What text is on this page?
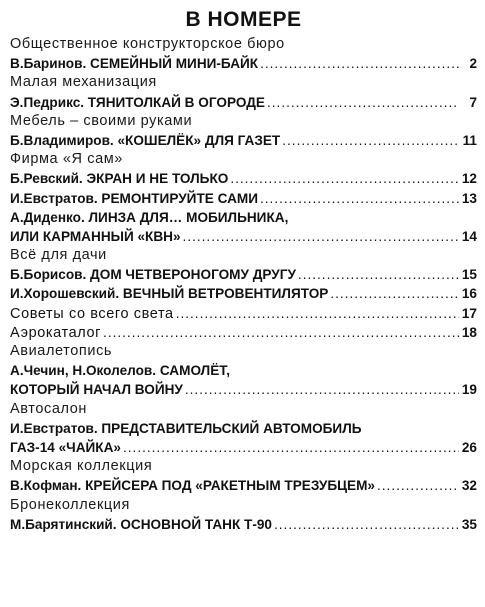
В НОМЕРЕ
Общественное конструкторское бюро
В.Баринов. СЕМЕЙНЫЙ МИНИ-БАЙК .....	2
Малая механизация
Э.Педрикс. ТЯНИТОЛКАЙ В ОГОРОДЕ .....	7
Мебель – своими руками
Б.Владимиров. «КОШЕЛЁК» ДЛЯ ГАЗЕТ .....	11
Фирма «Я сам»
Б.Ревский. ЭКРАН И НЕ ТОЛЬКО .....	12
И.Евстратов. РЕМОНТИРУЙТЕ САМИ .....	13
А.Диденко. ЛИНЗА ДЛЯ… МОБИЛЬНИКА,
ИЛИ КАРМАННЫЙ «КВН» .....	14
Всё для дачи
Б.Борисов. ДОМ ЧЕТВЕРОНОГОМУ ДРУГУ .....	15
И.Хорошевский. ВЕЧНЫЙ ВЕТРОВЕНТИЛЯТОР .....	16
Советы со всего света .....	17
Аэрокаталог .....	18
Авиалетопись
А.Чечин, Н.Околелов. САМОЛЁТ,
КОТОРЫЙ НАЧАЛ ВОЙНУ .....	19
Автосалон
И.Евстратов. ПРЕДСТАВИТЕЛЬСКИЙ АВТОМОБИЛЬ
ГАЗ-14 «ЧАЙКА» .....	26
Морская коллекция
В.Кофман. КРЕЙСЕРА ПОД «РАКЕТНЫМ ТРЕЗУБЦЕМ» .....	32
Бронеколлекция
М.Барятинский. ОСНОВНОЙ ТАНК Т-90 .....	35
